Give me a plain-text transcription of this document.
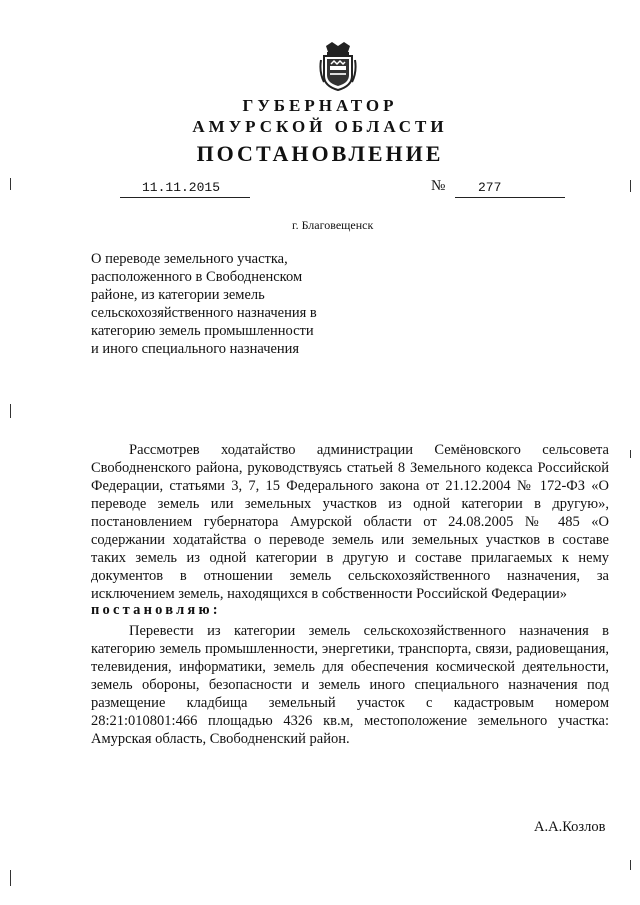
ГУБЕРНАТОР
АМУРСКОЙ ОБЛАСТИ
ПОСТАНОВЛЕНИЕ
11.11.2015	№	277
г. Благовещенск
О переводе земельного участка, расположенного в Свободненском районе, из категории земель сельскохозяйственного назначения в категорию земель промышленности и иного специального назначения
Рассмотрев ходатайство администрации Семёновского сельсовета Свободненского района, руководствуясь статьей 8 Земельного кодекса Российской Федерации, статьями 3, 7, 15 Федерального закона от 21.12.2004 № 172-ФЗ «О переводе земель или земельных участков из одной категории в другую», постановлением губернатора Амурской области от 24.08.2005 № 485 «О содержании ходатайства о переводе земель или земельных участков в составе таких земель из одной категории в другую и составе прилагаемых к нему документов в отношении земель сельскохозяйственного назначения, за исключением земель, находящихся в собственности Российской Федерации»
постановляю:
Перевести из категории земель сельскохозяйственного назначения в категорию земель промышленности, энергетики, транспорта, связи, радиовещания, телевидения, информатики, земель для обеспечения космической деятельности, земель обороны, безопасности и земель иного специального назначения под размещение кладбища земельный участок с кадастровым номером 28:21:010801:466 площадью 4326 кв.м, местоположение земельного участка: Амурская область, Свободненский район.
А.А.Козлов
